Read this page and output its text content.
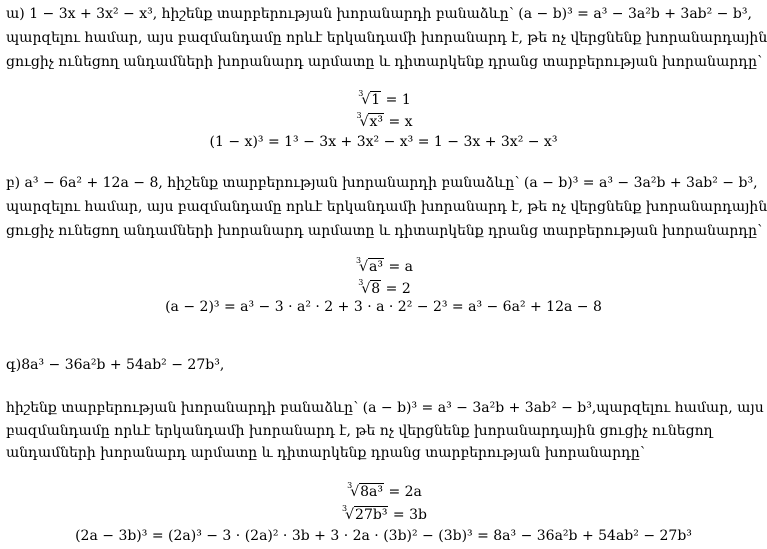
ա) 1 − 3x + 3x² − x³, հիշենք տարբերության խորանարդի բանաձևը՝ (a − b)³ = a³ − 3a²b + 3ab² − b³,
պարզելու համար, այս բազմանդամը որևէ երկանդամի խորանարդ է, թե ոչ վերցնենք խորանարդային
ցուցիչ ունեցող անդամների խորանարդ արմատը և դիտարկենք դրանց տարբերության խորանարդը՝
$^3$√1 = 1
$^3$√x³ = x
(1 − x)³ = 1³ − 3x + 3x² − x³ = 1 − 3x + 3x² − x³
բ) a³ − 6a² + 12a − 8, հիշենք տարբերության խորանարդի բանաձևը՝ (a − b)³ = a³ − 3a²b + 3ab² − b³,
պարզելու համար, այս բազմանդամը որևէ երկանդամի խորանարդ է, թե ոչ վերցնենք խորանարդային
ցուցիչ ունեցող անդամների խորանարդ արմատը և դիտարկենք դրանց տարբերության խորանարդը՝
$^3$√a³ = a
$^3$√8 = 2
(a − 2)³ = a³ − 3 · a² · 2 + 3 · a · 2² − 2³ = a³ − 6a² + 12a − 8
գ)8a³ − 36a²b + 54ab² − 27b³,
հիշենք տարբերության խորանարդի բանաձևը՝ (a − b)³ = a³ − 3a²b + 3ab² − b³,պարզելու համար, այս
բազմանդամը որևէ երկանդամի խորանարդ է, թե ոչ վերցնենք խորանարդային ցուցիչ ունեցող
անդամների խորանարդ արմատը և դիտարկենք դրանց տարբերության խորանարդը՝
$^3$√8a³ = 2a
$^3$√27b³ = 3b
(2a − 3b)³ = (2a)³ − 3 · (2a)² · 3b + 3 · 2a · (3b)² − (3b)³ = 8a³ − 36a²b + 54ab² − 27b³
